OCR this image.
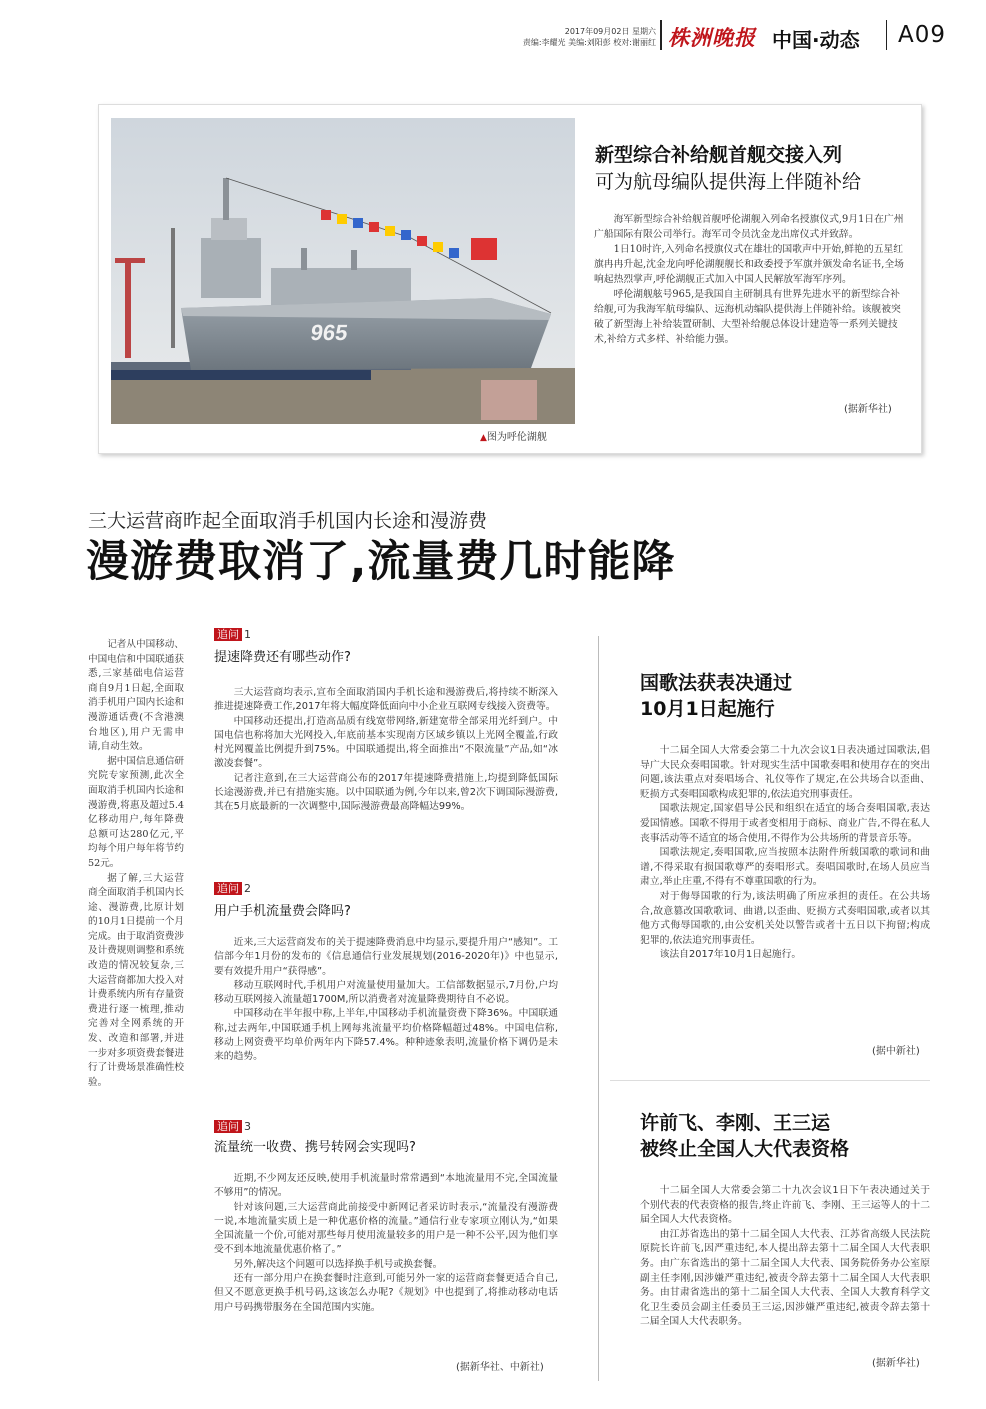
2017年09月02日 星期六
责编:李耀光 美编:刘阳彭 校对:谢丽红 株洲晚报 中国·动态 A09
965
▲图为呼伦湖舰
新型综合补给舰首舰交接入列
可为航母编队提供海上伴随补给

海军新型综合补给舰首舰呼伦湖舰入列命名授旗仪式,9月1日在广州广船国际有限公司举行。海军司令员沈金龙出席仪式并致辞。

1日10时许,入列命名授旗仪式在雄壮的国歌声中开始,鲜艳的五星红旗冉冉升起,沈金龙向呼伦湖舰舰长和政委授予军旗并颁发命名证书,全场响起热烈掌声,呼伦湖舰正式加入中国人民解放军海军序列。

呼伦湖舰舷号965,是我国自主研制具有世界先进水平的新型综合补给舰,可为我海军航母编队、远海机动编队提供海上伴随补给。该舰被突破了新型海上补给装置研制、大型补给舰总体设计建造等一系列关键技术,补给方式多样、补给能力强。

(据新华社)
三大运营商昨起全面取消手机国内长途和漫游费
漫游费取消了,流量费几时能降

记者从中国移动、中国电信和中国联通获悉,三家基础电信运营商自9月1日起,全面取消手机用户国内长途和漫游通话费(不含港澳台地区),用户无需申请,自动生效。

据中国信息通信研究院专家预测,此次全面取消手机国内长途和漫游费,将惠及超过5.4亿移动用户,每年降费总额可达280亿元,平均每个用户每年将节约52元。

据了解,三大运营商全面取消手机国内长途、漫游费,比原计划的10月1日提前一个月完成。由于取消资费涉及计费规则调整和系统改造的情况较复杂,三大运营商都加大投入对计费系统内所有存量资费进行逐一梳理,推动完善对全网系统的开发、改造和部署,并进一步对多项资费套餐进行了计费场景准确性校验。

追问 1
提速降费还有哪些动作?

三大运营商均表示,宣布全面取消国内手机长途和漫游费后,将持续不断深入推进提速降费工作,2017年将大幅度降低面向中小企业互联网专线接入资费等。

中国移动还提出,打造高品质有线宽带网络,新建宽带全部采用光纤到户。中国电信也称将加大光网投入,年底前基本实现南方区域乡镇以上光网全覆盖,行政村光网覆盖比例提升到75%。中国联通提出,将全面推出“不限流量”产品,如“冰激凌套餐”。

记者注意到,在三大运营商公布的2017年提速降费措施上,均提到降低国际长途漫游费,并已有措施实施。以中国联通为例,今年以来,曾2次下调国际漫游费,其在5月底最新的一次调整中,国际漫游费最高降幅达99%。

追问 2
用户手机流量费会降吗?

近来,三大运营商发布的关于提速降费消息中均显示,要提升用户“感知”。工信部今年1月份的发布的《信息通信行业发展规划(2016-2020年)》中也显示,要有效提升用户“获得感”。

移动互联网时代,手机用户对流量使用量加大。工信部数据显示,7月份,户均移动互联网接入流量超1700M,所以消费者对流量降费期待自不必说。

中国移动在半年报中称,上半年,中国移动手机流量资费下降36%。中国联通称,过去两年,中国联通手机上网每兆流量平均价格降幅超过48%。中国电信称,移动上网资费平均单价两年内下降57.4%。种种迹象表明,流量价格下调仍是未来的趋势。

追问 3
流量统一收费、携号转网会实现吗?

近期,不少网友还反映,使用手机流量时常常遇到“本地流量用不完,全国流量不够用”的情况。

针对该问题,三大运营商此前接受中新网记者采访时表示,“流量没有漫游费一说,本地流量实质上是一种优惠价格的流量。”通信行业专家项立刚认为,“如果全国流量一个价,可能对那些每月使用流量较多的用户是一种不公平,因为他们享受不到本地流量优惠价格了。”

另外,解决这个问题可以选择换手机号或换套餐。

还有一部分用户在换套餐时注意到,可能另外一家的运营商套餐更适合自己,但又不愿意更换手机号码,这该怎么办呢?《规划》中也提到了,将推动移动电话用户号码携带服务在全国范围内实施。

(据新华社、中新社)
国歌法获表决通过
10月1日起施行

十二届全国人大常委会第二十九次会议1日表决通过国歌法,倡导广大民众奏唱国歌。针对现实生活中国歌奏唱和使用存在的突出问题,该法重点对奏唱场合、礼仪等作了规定,在公共场合以歪曲、贬损方式奏唱国歌构成犯罪的,依法追究刑事责任。

国歌法规定,国家倡导公民和组织在适宜的场合奏唱国歌,表达爱国情感。国歌不得用于或者变相用于商标、商业广告,不得在私人丧事活动等不适宜的场合使用,不得作为公共场所的背景音乐等。

国歌法规定,奏唱国歌,应当按照本法附件所载国歌的歌词和曲谱,不得采取有损国歌尊严的奏唱形式。奏唱国歌时,在场人员应当肃立,举止庄重,不得有不尊重国歌的行为。

对于侮辱国歌的行为,该法明确了所应承担的责任。在公共场合,故意篡改国歌歌词、曲谱,以歪曲、贬损方式奏唱国歌,或者以其他方式侮辱国歌的,由公安机关处以警告或者十五日以下拘留;构成犯罪的,依法追究刑事责任。

该法自2017年10月1日起施行。

(据中新社)
许前飞、李刚、王三运
被终止全国人大代表资格

十二届全国人大常委会第二十九次会议1日下午表决通过关于个别代表的代表资格的报告,终止许前飞、李刚、王三运等人的十二届全国人大代表资格。

由江苏省选出的第十二届全国人大代表、江苏省高级人民法院原院长许前飞,因严重违纪,本人提出辞去第十二届全国人大代表职务。由广东省选出的第十二届全国人大代表、国务院侨务办公室原副主任李刚,因涉嫌严重违纪,被责令辞去第十二届全国人大代表职务。由甘肃省选出的第十二届全国人大代表、全国人大教育科学文化卫生委员会副主任委员王三运,因涉嫌严重违纪,被责令辞去第十二届全国人大代表职务。

(据新华社)
